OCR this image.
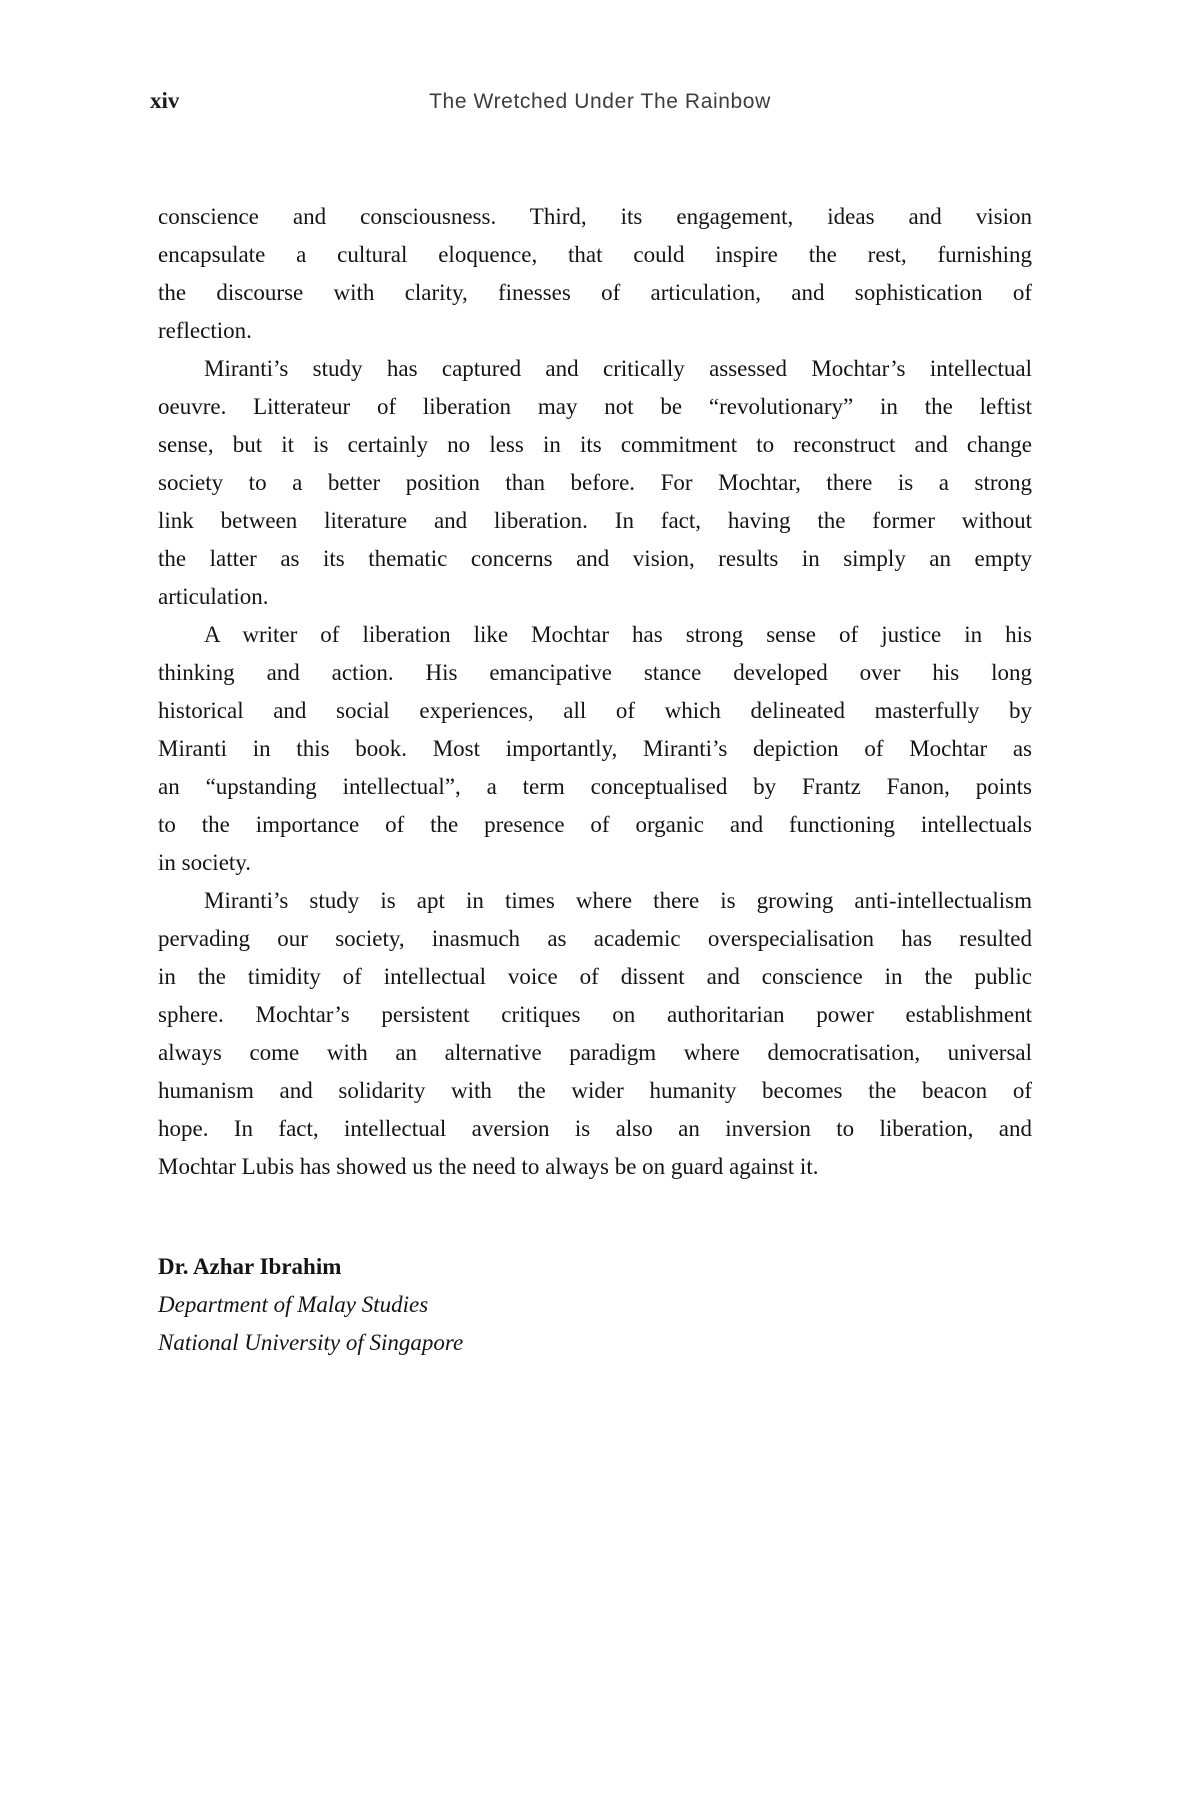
xiv	The Wretched Under The Rainbow
conscience and consciousness. Third, its engagement, ideas and vision
encapsulate a cultural eloquence, that could inspire the rest, furnishing
the discourse with clarity, finesses of articulation, and sophistication of
reflection.
Miranti’s study has captured and critically assessed Mochtar’s intellectual
oeuvre. Litterateur of liberation may not be “revolutionary” in the leftist
sense, but it is certainly no less in its commitment to reconstruct and change
society to a better position than before. For Mochtar, there is a strong
link between literature and liberation. In fact, having the former without
the latter as its thematic concerns and vision, results in simply an empty
articulation.
A writer of liberation like Mochtar has strong sense of justice in his
thinking and action. His emancipative stance developed over his long
historical and social experiences, all of which delineated masterfully by
Miranti in this book. Most importantly, Miranti’s depiction of Mochtar as
an “upstanding intellectual”, a term conceptualised by Frantz Fanon, points
to the importance of the presence of organic and functioning intellectuals
in society.
Miranti’s study is apt in times where there is growing anti-intellectualism
pervading our society, inasmuch as academic overspecialisation has resulted
in the timidity of intellectual voice of dissent and conscience in the public
sphere. Mochtar’s persistent critiques on authoritarian power establishment
always come with an alternative paradigm where democratisation, universal
humanism and solidarity with the wider humanity becomes the beacon of
hope. In fact, intellectual aversion is also an inversion to liberation, and
Mochtar Lubis has showed us the need to always be on guard against it.
Dr. Azhar Ibrahim
Department of Malay Studies
National University of Singapore
